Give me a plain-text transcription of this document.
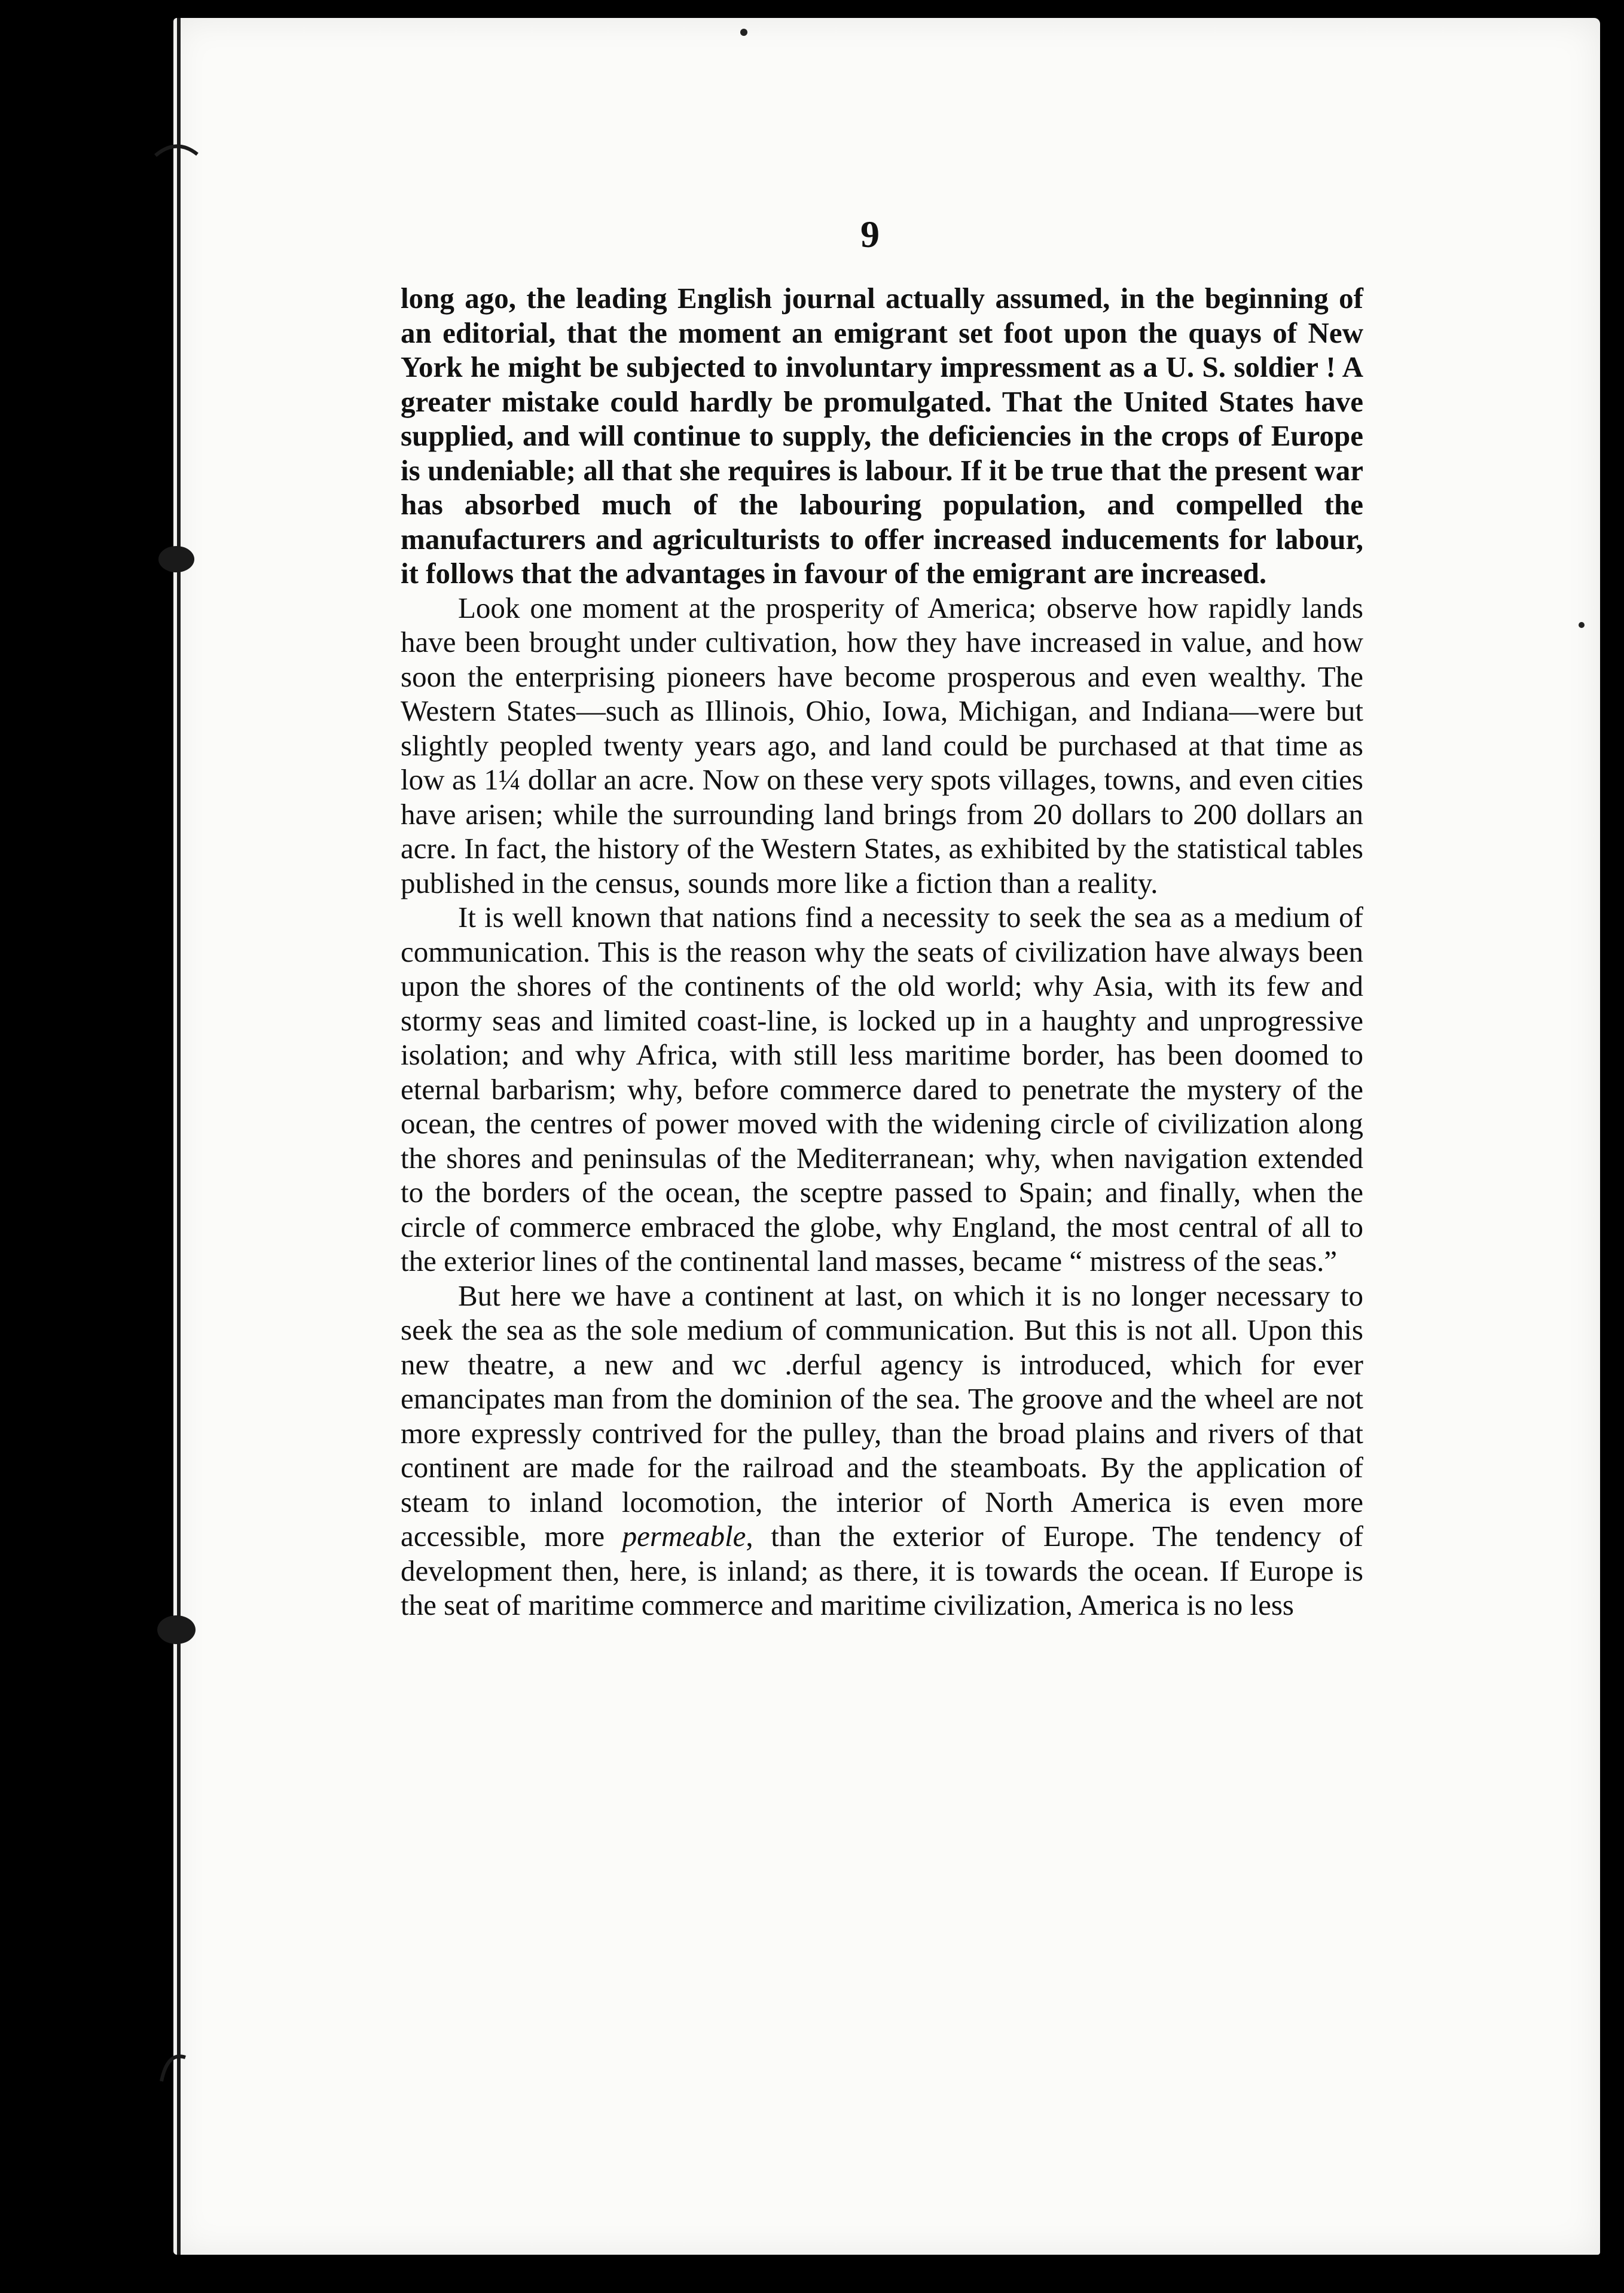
9

long ago, the leading English journal actually assumed, in the beginning of an editorial, that the moment an emigrant set foot upon the quays of New York he might be subjected to involuntary impressment as a U. S. soldier ! A greater mistake could hardly be promulgated. That the United States have supplied, and will continue to supply, the deficiencies in the crops of Europe is undeniable; all that she requires is labour. If it be true that the present war has absorbed much of the labouring population, and compelled the manufacturers and agriculturists to offer increased inducements for labour, it follows that the advantages in favour of the emigrant are increased.

Look one moment at the prosperity of America; observe how rapidly lands have been brought under cultivation, how they have increased in value, and how soon the enterprising pioneers have become prosperous and even wealthy. The Western States—such as Illinois, Ohio, Iowa, Michigan, and Indiana—were but slightly peopled twenty years ago, and land could be purchased at that time as low as 1¼ dollar an acre. Now on these very spots villages, towns, and even cities have arisen; while the surrounding land brings from 20 dollars to 200 dollars an acre. In fact, the history of the Western States, as exhibited by the statistical tables published in the census, sounds more like a fiction than a reality.

It is well known that nations find a necessity to seek the sea as a medium of communication. This is the reason why the seats of civilization have always been upon the shores of the continents of the old world; why Asia, with its few and stormy seas and limited coast-line, is locked up in a haughty and unprogressive isolation; and why Africa, with still less maritime border, has been doomed to eternal barbarism; why, before commerce dared to penetrate the mystery of the ocean, the centres of power moved with the widening circle of civilization along the shores and peninsulas of the Mediterranean; why, when navigation extended to the borders of the ocean, the sceptre passed to Spain; and finally, when the circle of commerce embraced the globe, why England, the most central of all to the exterior lines of the continental land masses, became “ mistress of the seas.”

But here we have a continent at last, on which it is no longer necessary to seek the sea as the sole medium of communication. But this is not all. Upon this new theatre, a new and wc .derful agency is introduced, which for ever emancipates man from the dominion of the sea. The groove and the wheel are not more expressly contrived for the pulley, than the broad plains and rivers of that continent are made for the railroad and the steamboats. By the application of steam to inland locomotion, the interior of North America is even more accessible, more permeable, than the exterior of Europe. The tendency of development then, here, is inland; as there, it is towards the ocean. If Europe is the seat of maritime commerce and maritime civilization, America is no less
